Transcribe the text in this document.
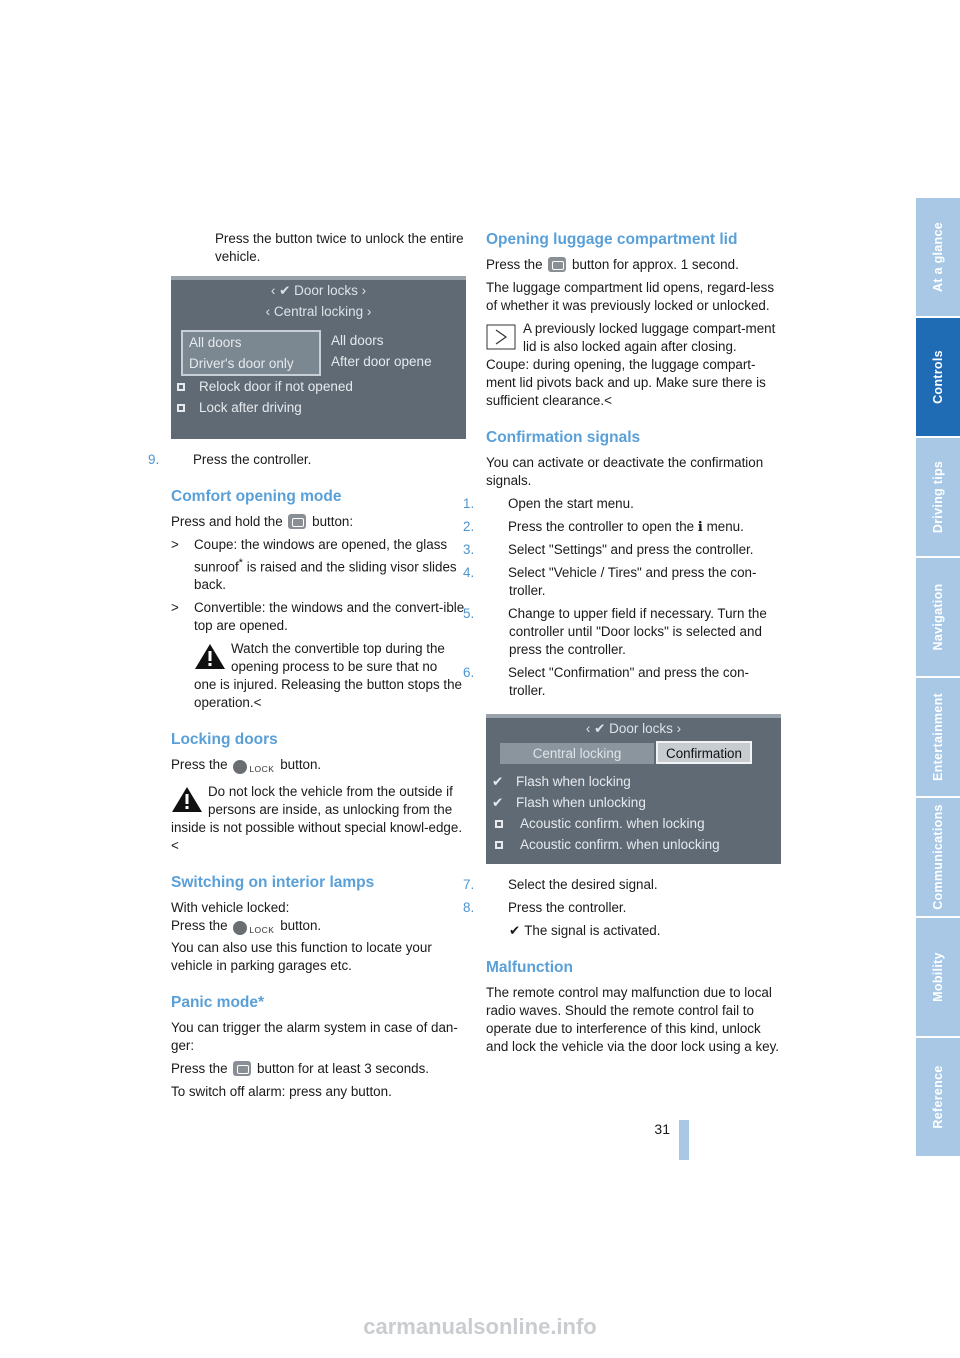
Press the button twice to unlock the entire vehicle.

‹ ✔ Door locks ›
‹ Central locking ›
All doors
Driver's door only
All doors
After door opene
Relock door if not opened
Lock after driving

9.	Press the controller.

Comfort opening mode

Press and hold the button:

> Coupe: the windows are opened, the glass sunroof* is raised and the sliding visor slides back.

> Convertible: the windows and the convert-ible top are opened.

Watch the convertible top during the opening process to be sure that no
one is injured. Releasing the button stops the operation.<
Locking doors

Press the	LOCK button.

Do not lock the vehicle from the outside if persons are inside, as unlocking from the
inside is not possible without special knowl-edge.<
Switching on interior lamps

With vehicle locked:

Press the	LOCK button.

You can also use this function to locate your vehicle in parking garages etc.

Panic mode*

You can trigger the alarm system in case of dan-ger:

Press the button for at least 3 seconds.

To switch off alarm: press any button.

Opening luggage compartment lid

Press the button for approx. 1 second.

The luggage compartment lid opens, regard-less of whether it was previously locked or unlocked.

A previously locked luggage compart-ment lid is also locked again after closing.
Coupe: during opening, the luggage compart-ment lid pivots back and up. Make sure there is sufficient clearance.<
Confirmation signals

You can activate or deactivate the confirmation signals.

1.	Open the start menu.

2.	Press the controller to open the ℹ menu.

3.	Select "Settings" and press the controller.

4.	Select "Vehicle / Tires" and press the con-troller.

5.	Change to upper field if necessary. Turn the controller until "Door locks" is selected and press the controller.

6.	Select "Confirmation" and press the con-troller.

‹ ✔ Door locks ›
Central locking	Confirmation
✔ Flash when locking
✔ Flash when unlocking
Acoustic confirm. when locking
Acoustic confirm. when unlocking

7.	Select the desired signal.

8.	Press the controller.

✔ The signal is activated.

Malfunction

The remote control may malfunction due to local radio waves. Should the remote control fail to operate due to interference of this kind, unlock and lock the vehicle via the door lock using a key.

At a glance
Controls
Driving tips
Navigation
Entertainment
Communications
Mobility
Reference
31
carmanualsonline.info
